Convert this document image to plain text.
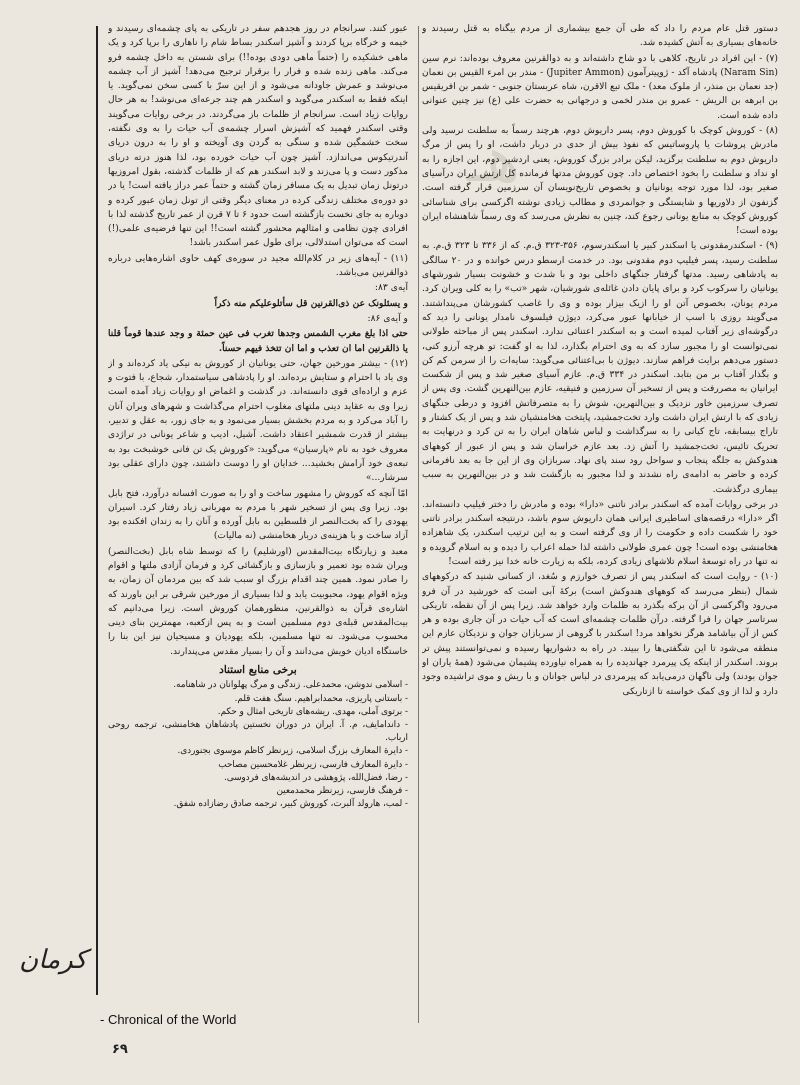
هـ

دستور قتل عام مردم را داد که طی آن جمع بیشماری از مردم بیگناه به قتل رسیدند و خانه‌های بسیاری به آتش کشیده شد.

(۷) - این افراد در تاریخ، کلاهی با دو شاخ داشته‌اند و به ذوالقرنین معروف بوده‌اند: نرم سین (Naram Sin) پادشاه آکد - ژوپیترآمون (Jupiter Ammon) - منذر بن امرء القیس بن نعمان (جد نعمان بن منذر، از ملوک معد) - ملک تبع الاقرن، شاه عربستان جنوبی - شمر بن افریقیس بن ابرهه بن الریش - عمرو بن منذر لخمی و درجهانی به حضرت علی (ع) نیز چنین عنوانی داده شده است.

(۸) - کوروش کوچک با کوروش دوم، پسر داریوش دوم، هرچند رسماً به سلطنت نرسید ولی مادرش پروشات یا پاروساتیس که نفوذ بیش از حدی در دربار داشت، او را پس از مرگ داریوش دوم به سلطنت برگزید، لیکن برادر بزرگ کوروش، یعنی اردشیر دوم، این اجازه را به او نداد و سلطنت را بخود اختصاص داد. چون کوروش مدتها فرمانده کل ارتش ایران درآسیای صغیر بود، لذا مورد توجه یونانیان و بخصوص تاریخ‌نویسان آن سرزمین قرار گرفته است. گزنفون از دلاوریها و شایستگی و جوانمردی و مطالب زیادی نوشته اگرکسی برای شناسائی کوروش کوچک به منابع یونانی رجوع کند، چنین به نظرش می‌رسد که وی رسماً شاهنشاه ایران بوده است!

(۹) - اسکندرمقدونی یا اسکندر کبیر یا اسکندرسوم، ۳۵۶-۳۲۳ ق.م. که از ۳۳۶ تا ۳۲۳ ق.م. به سلطنت رسید، پسر فیلیپ دوم مقدونی بود. در خدمت ارسطو درس خوانده و در ۲۰ سالگی به پادشاهی رسید. مدتها گرفتار جنگهای داخلی بود و با شدت و خشونت بسیار شورشهای یونانیان را سرکوب کرد و برای پایان دادن غائله‌ی شورشیان، شهر «تب» را به کلی ویران کرد. مردم یونان، بخصوص آتن او را ازیک بیزار بوده و وی را غاصب کشورشان می‌پنداشتند. می‌گویند روزی با اسب از خیابانها عبور می‌کرد، دیوژن فیلسوف نامدار یونانی را دید که درگوشه‌ای زیر آفتاب لمیده است و به اسکندر اعتنائی ندارد. اسکندر پس از مباحثه طولانی نمی‌توانست او را مجبور سازد که به وی احترام بگذارد، لذا به او گفت: تو هرچه آرزو کنی، دستور می‌دهم برایت فراهم سازند. دیوژن با بی‌اعتنائی می‌گوید: سایه‌ات را از سرمن کم کن و بگذار آفتاب بر من بتابد. اسکندر در ۳۳۴ ق.م. عازم آسیای صغیر شد و پس از شکست ایرانیان به مصررفت و پس از تسخیر آن سرزمین و فنیقیه، عازم بین‌النهرین گشت. وی پس از تصرف سرزمین خاور نزدیک و بین‌النهرین، شوش را به متصرفاتش افزود و درطی جنگهای زیادی که با ارتش ایران داشت وارد تخت‌جمشید، پایتخت هخامنشیان شد و پس از یک کشتار و تاراج بیسابقه، تاج کیانی را به سرگذاشت و لباس شاهان ایران را به تن کرد و درنهایت به تحریک تائیس، تخت‌جمشید را آتش زد. بعد عازم خراسان شد و پس از عبور از کوههای هندوکش به جلگه پنجاب و سواحل رود سند پای نهاد. سربازان وی از این جا به بعد نافرمانی کرده و حاضر به ادامه‌ی راه نشدند و لذا مجبور به بازگشت شد و در بین‌النهرین به سبب بیماری درگذشت.

در برخی روایات آمده که اسکندر برادر ناتنی «دارا» بوده و مادرش را دختر فیلیپ دانسته‌اند. اگر «دارا» درقصه‌های اساطیری ایرانی همان داریوش سوم باشد، درنتیجه اسکندر برادر ناتنی خود را شکست داده و حکومت را از وی گرفته است و به این ترتیب اسکندر، یک شاهزاده هخامنشی بوده است! چون عمری طولانی داشته لذا حمله اعراب را دیده و به اسلام گرویده و نه تنها در راه توسعهٔ اسلام تلاشهای زیادی کرده، بلکه به زیارت خانه خدا نیز رفته است!

(۱۰) - روایت است که اسکندر پس از تصرف خوارزم و سُغد، از کسانی شنید که درکوههای شمال (بنظر می‌رسد که کوههای هندوکش است) برکهٔ آبی است که خورشید در آن فرو می‌رود واگرکسی از آن برکه بگذرد به ظلمات وارد خواهد شد. زیرا پس از آن نقطه، تاریکی سرتاسر جهان را فرا گرفته. درآن ظلمات چشمه‌ای است که آب حیات در آن جاری بوده و هر کس از آن بیاشامد هرگز نخواهد مرد! اسکندر با گروهی از سربازان جوان و نزدیکان عازم این منطقه می‌شود تا این شگفتی‌ها را ببیند. در راه به دشواریها رسیده و نمی‌توانستند پیش تر بروند. اسکندر از اینکه یک پیرمرد جهاندیده را به همراه نیاورده پشیمان می‌شود (همهٔ یاران او جوان بودند) ولی ناگهان درمی‌یابد که پیرمردی در لباس جوانان و با ریش و موی تراشیده وجود دارد و لذا از وی کمک خواسته تا ازتاریکی

عبور کنند. سرانجام در روز هجدهم سفر در تاریکی به پای چشمه‌ای رسیدند و خیمه و خرگاه برپا کردند و آشپز اسکندر بساط شام را ناهاری را برپا کرد و یک ماهی خشکیده را (حتماً ماهی دودی بوده!!) برای شستن به داخل چشمه فرو می‌کند. ماهی زنده شده و فرار را برقرار ترجیح می‌دهد! آشپز از آب چشمه می‌نوشد و عمرش جاودانه می‌شود و از این سرّ با کسی سخن نمی‌گوید. یا اینکه فقط به اسکندر می‌گوید و اسکندر هم چند جرعه‌ای می‌نوشد! به هر حال روایات زیاد است. سرانجام از ظلمات باز می‌گردند. در برخی روایات می‌گویند وقتی اسکندر فهمید که آشپزش اسرار چشمه‌ی آب حیات را به وی نگفته، سخت خشمگین شده و سنگی به گردن وی آویخته و او را به درون دریای آندرتیکوس می‌اندازد. آشپز چون آب حیات خورده بود، لذا هنوز درته دریای مذکور دست و پا می‌زند و لابد اسکندر هم که از ظلمات گذشته، بقول امروزیها درتونل زمان تبدیل به یک مسافر زمان گشته و حتماً عمر دراز یافته است! یا در دو دوره‌ی مختلف زندگی کرده در معنای دیگر وقتی از تونل زمان عبور کرده و دوباره به جای نخست بازگشته است حدود ۶ تا ۷ قرن از عمر تاریخ گذشته لذا با افرادی چون نظامی و امثالهم محشور گشته است!! این تنها فرضیه‌ی علمی(!) است که می‌توان استدلالی، برای طول عمر اسکندر باشد!

(۱۱) - آیه‌های زیر در کلام‌الله مجید در سوره‌ی کهف حاوی اشاره‌هایی درباره ذوالقرنین می‌باشد.

آیه‌ی ۸۳:

و یسئلونک عن ذی‌القرنین قل سأتلوعلیکم منه ذکراً

و آیه‌ی ۸۶:

حتی اذا بلغ مغرب الشمس وجدها تغرب فی عین حمئة و وجد عندها قوماً قلنا یا ذالقرنین اما ان تعذب و اما ان تتخذ فیهم حسناً.

(۱۲) - بیشتر مورخین جهان، حتی یونانیان از کوروش به نیکی یاد کرده‌اند و از وی یاد با احترام و ستایش برده‌اند. او را پادشاهی سیاستمدار، شجاع، با فتوت و عزم و اراده‌ای قوی دانسته‌اند. در گذشت و اغماض او روایات زیاد آمده است زیرا وی به عقاید دینی ملتهای مغلوب احترام می‌گذاشت و شهرهای ویران آنان را آباد می‌کرد و به مردم بخشش بسیار می‌نمود و به جای زور، به عقل و تدبیر، بیشتر از قدرت شمشیر اعتقاد داشت. آشیل، ادیب و شاعر یونانی در تراژدی معروف خود به نام «پارسیان» می‌گوید: «کوروش یک تن فانی خوشبخت بود به تبعه‌ی خود آرامش بخشید... خدایان او را دوست داشتند، چون دارای عقلی بود سرشار...»

امّا آنچه که کوروش را مشهور ساخت و او را به صورت افسانه درآورد، فتح بابل بود. زیرا وی پس از تسخیر شهر با مردم به مهربانی زیاد رفتار کرد. اسیران یهودی را که بخت‌النصر از فلسطین به بابل آورده و آنان را به زندان افکنده بود آزاد ساخت و با هزینه‌ی دربار هخامنشی (نه مالیات)

معبد و زیارتگاه بیت‌المقدس (اورشلیم) را که توسط شاه بابل (بخت‌النصر) ویران شده بود تعمیر و بازسازی و بازگشائی کرد و فرمان آزادی ملتها و اقوام را صادر نمود. همین چند اقدام بزرگ او سبب شد که بین مردمان آن زمان، به ویژه اقوام یهود، محبوبیت یابد و لذا بسیاری از مورخین شرقی بر این باورند که اشاره‌ی قرآن به ذوالقرنین، منظورهمان کوروش است. زیرا می‌دانیم که بیت‌المقدس قبله‌ی دوم مسلمین است و به پس ازکعبه، مهمترین بنای دینی محسوب می‌شود. نه تنها مسلمین، بلکه یهودیان و مسیحیان نیز این بنا را خاستگاه ادیان خویش می‌دانند و آن را بسیار مقدس می‌پندارند.

برخی منابع استناد

- اسلامی ندوشن، محمدعلی. زندگی و مرگ پهلوانان در شاهنامه.

- باستانی پاریزی، محمدابراهیم. سنگ هفت قلم.

- برتوی آملی، مهدی. ریشه‌های تاریخی امثال و حکم.

- داندامایف، م. آ. ایران در دوران نخستین پادشاهان هخامنشی، ترجمه روحی ارباب.

- دایرة المعارف بزرگ اسلامی، زیرنظر کاظم موسوی بجنوردی.

- دایرة المعارف فارسی، زیرنظر غلامحسین مصاحب

- رضا، فضل‌الله، پژوهشی در اندیشه‌های فردوسی.

- فرهنگ فارسی، زیرنظر محمدمعین

- لمب، هارولد آلبرت، کوروش کبیر، ترجمه صادق رضازاده شفق.

کرمان
- Chronical of the World
۶۹
